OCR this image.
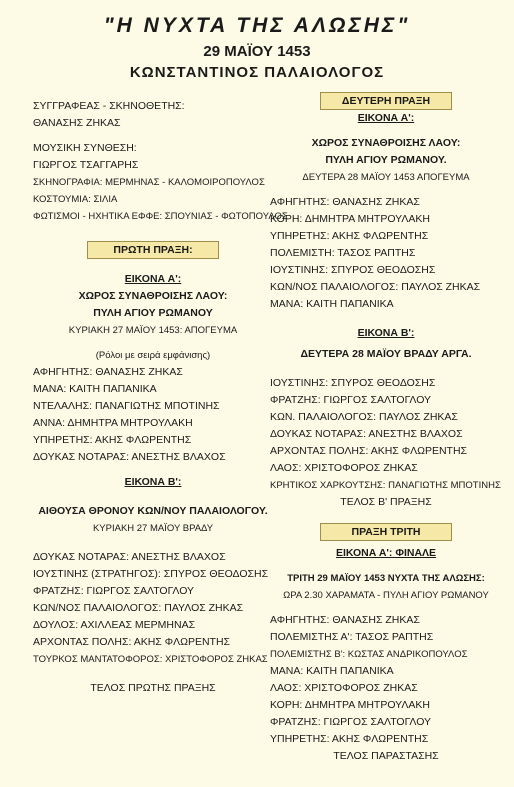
"Η ΝΥΧΤΑ ΤΗΣ ΑΛΩΣΗΣ"
29 ΜΑΪΟΥ 1453
ΚΩΝΣΤΑΝΤΙΝΟΣ ΠΑΛΑΙΟΛΟΓΟΣ
ΣΥΓΓΡΑΦΕΑΣ - ΣΚΗΝΟΘΕΤΗΣ:
ΘΑΝΑΣΗΣ ΖΗΚΑΣ
ΜΟΥΣΙΚΗ ΣΥΝΘΕΣΗ:
ΓΙΩΡΓΟΣ ΤΣΑΓΓΑΡΗΣ
ΣΚΗΝΟΓΡΑΦΙΑ: ΜΕΡΜΗΝΑΣ - ΚΑΛΟΜΟΙΡΟΠΟΥΛΟΣ
ΚΟΣΤΟΥΜΙΑ: ΣΙΛΙΑ
ΦΩΤΙΣΜΟΙ - ΗΧΗΤΙΚΑ ΕΦΦΕ: ΣΠΟΥΝΙΑΣ - ΦΩΤΟΠΟΥΛΟΣ
ΠΡΩΤΗ ΠΡΑΞΗ:
ΕΙΚΟΝΑ Α':
ΧΩΡΟΣ ΣΥΝΑΘΡΟΙΣΗΣ ΛΑΟΥ:
ΠΥΛΗ ΑΓΙΟΥ ΡΩΜΑΝΟΥ
ΚΥΡΙΑΚΗ 27 ΜΑΪΟΥ 1453: ΑΠΟΓΕΥΜΑ
(Ρόλοι με σειρά εμφάνισης)
ΑΦΗΓΗΤΗΣ: ΘΑΝΑΣΗΣ ΖΗΚΑΣ
ΜΑΝΑ: ΚΑΙΤΗ ΠΑΠΑΝΙΚΑ
ΝΤΕΛΑΛΗΣ: ΠΑΝΑΓΙΩΤΗΣ ΜΠΟΤΙΝΗΣ
ΑΝΝΑ: ΔΗΜΗΤΡΑ ΜΗΤΡΟΥΛΑΚΗ
ΥΠΗΡΕΤΗΣ: ΑΚΗΣ ΦΛΩΡΕΝΤΗΣ
ΔΟΥΚΑΣ ΝΟΤΑΡΑΣ: ΑΝΕΣΤΗΣ ΒΛΑΧΟΣ
ΕΙΚΟΝΑ Β':
ΑΙΘΟΥΣΑ ΘΡΟΝΟΥ ΚΩΝ/ΝΟΥ ΠΑΛΑΙΟΛΟΓΟΥ.
ΚΥΡΙΑΚΗ 27 ΜΑΪΟΥ ΒΡΑΔΥ
ΔΟΥΚΑΣ ΝΟΤΑΡΑΣ: ΑΝΕΣΤΗΣ ΒΛΑΧΟΣ
ΙΟΥΣΤΙΝΗΣ (ΣΤΡΑΤΗΓΟΣ): ΣΠΥΡΟΣ ΘΕΟΔΟΣΗΣ
ΦΡΑΤΖΗΣ: ΓΙΩΡΓΟΣ ΣΑΛΤΟΓΛΟΥ
ΚΩΝ/ΝΟΣ ΠΑΛΑΙΟΛΟΓΟΣ: ΠΑΥΛΟΣ ΖΗΚΑΣ
ΔΟΥΛΟΣ: ΑΧΙΛΛΕΑΣ ΜΕΡΜΗΝΑΣ
ΑΡΧΟΝΤΑΣ ΠΟΛΗΣ: ΑΚΗΣ ΦΛΩΡΕΝΤΗΣ
ΤΟΥΡΚΟΣ ΜΑΝΤΑΤΟΦΟΡΟΣ: ΧΡΙΣΤΟΦΟΡΟΣ ΖΗΚΑΣ
ΤΕΛΟΣ ΠΡΩΤΗΣ ΠΡΑΞΗΣ
ΔΕΥΤΕΡΗ ΠΡΑΞΗ
ΕΙΚΟΝΑ Α':
ΧΩΡΟΣ ΣΥΝΑΘΡΟΙΣΗΣ ΛΑΟΥ:
ΠΥΛΗ ΑΓΙΟΥ ΡΩΜΑΝΟΥ.
ΔΕΥΤΕΡΑ 28 ΜΑΪΟΥ 1453 ΑΠΟΓΕΥΜΑ
ΑΦΗΓΗΤΗΣ: ΘΑΝΑΣΗΣ ΖΗΚΑΣ
ΚΟΡΗ: ΔΗΜΗΤΡΑ ΜΗΤΡΟΥΛΑΚΗ
ΥΠΗΡΕΤΗΣ: ΑΚΗΣ ΦΛΩΡΕΝΤΗΣ
ΠΟΛΕΜΙΣΤΗ: ΤΑΣΟΣ ΡΑΠΤΗΣ
ΙΟΥΣΤΙΝΗΣ: ΣΠΥΡΟΣ ΘΕΟΔΟΣΗΣ
ΚΩΝ/ΝΟΣ ΠΑΛΑΙΟΛΟΓΟΣ: ΠΑΥΛΟΣ ΖΗΚΑΣ
ΜΑΝΑ: ΚΑΙΤΗ ΠΑΠΑΝΙΚΑ
ΕΙΚΟΝΑ Β':
ΔΕΥΤΕΡΑ 28 ΜΑΪΟΥ ΒΡΑΔΥ ΑΡΓΑ.
ΙΟΥΣΤΙΝΗΣ: ΣΠΥΡΟΣ ΘΕΟΔΟΣΗΣ
ΦΡΑΤΖΗΣ: ΓΙΩΡΓΟΣ ΣΑΛΤΟΓΛΟΥ
ΚΩΝ. ΠΑΛΑΙΟΛΟΓΟΣ: ΠΑΥΛΟΣ ΖΗΚΑΣ
ΔΟΥΚΑΣ ΝΟΤΑΡΑΣ: ΑΝΕΣΤΗΣ ΒΛΑΧΟΣ
ΑΡΧΟΝΤΑΣ ΠΟΛΗΣ: ΑΚΗΣ ΦΛΩΡΕΝΤΗΣ
ΛΑΟΣ: ΧΡΙΣΤΟΦΟΡΟΣ ΖΗΚΑΣ
ΚΡΗΤΙΚΟΣ ΧΑΡΚΟΥΤΣΗΣ: ΠΑΝΑΓΙΩΤΗΣ ΜΠΟΤΙΝΗΣ
ΤΕΛΟΣ Β' ΠΡΑΞΗΣ
ΠΡΑΞΗ ΤΡΙΤΗ
ΕΙΚΟΝΑ Α': ΦΙΝΑΛΕ
ΤΡΙΤΗ 29 ΜΑΪΟΥ 1453 ΝΥΧΤΑ ΤΗΣ ΑΛΩΣΗΣ:
ΩΡΑ 2.30 ΧΑΡΑΜΑΤΑ - ΠΥΛΗ ΑΓΙΟΥ ΡΩΜΑΝΟΥ
ΑΦΗΓΗΤΗΣ: ΘΑΝΑΣΗΣ ΖΗΚΑΣ
ΠΟΛΕΜΙΣΤΗΣ Α': ΤΑΣΟΣ ΡΑΠΤΗΣ
ΠΟΛΕΜΙΣΤΗΣ Β': ΚΩΣΤΑΣ ΑΝΔΡΙΚΟΠΟΥΛΟΣ
ΜΑΝΑ: ΚΑΙΤΗ ΠΑΠΑΝΙΚΑ
ΛΑΟΣ: ΧΡΙΣΤΟΦΟΡΟΣ ΖΗΚΑΣ
ΚΟΡΗ: ΔΗΜΗΤΡΑ ΜΗΤΡΟΥΛΑΚΗ
ΦΡΑΤΖΗΣ: ΓΙΩΡΓΟΣ ΣΑΛΤΟΓΛΟΥ
ΥΠΗΡΕΤΗΣ: ΑΚΗΣ ΦΛΩΡΕΝΤΗΣ
ΤΕΛΟΣ ΠΑΡΑΣΤΑΣΗΣ
